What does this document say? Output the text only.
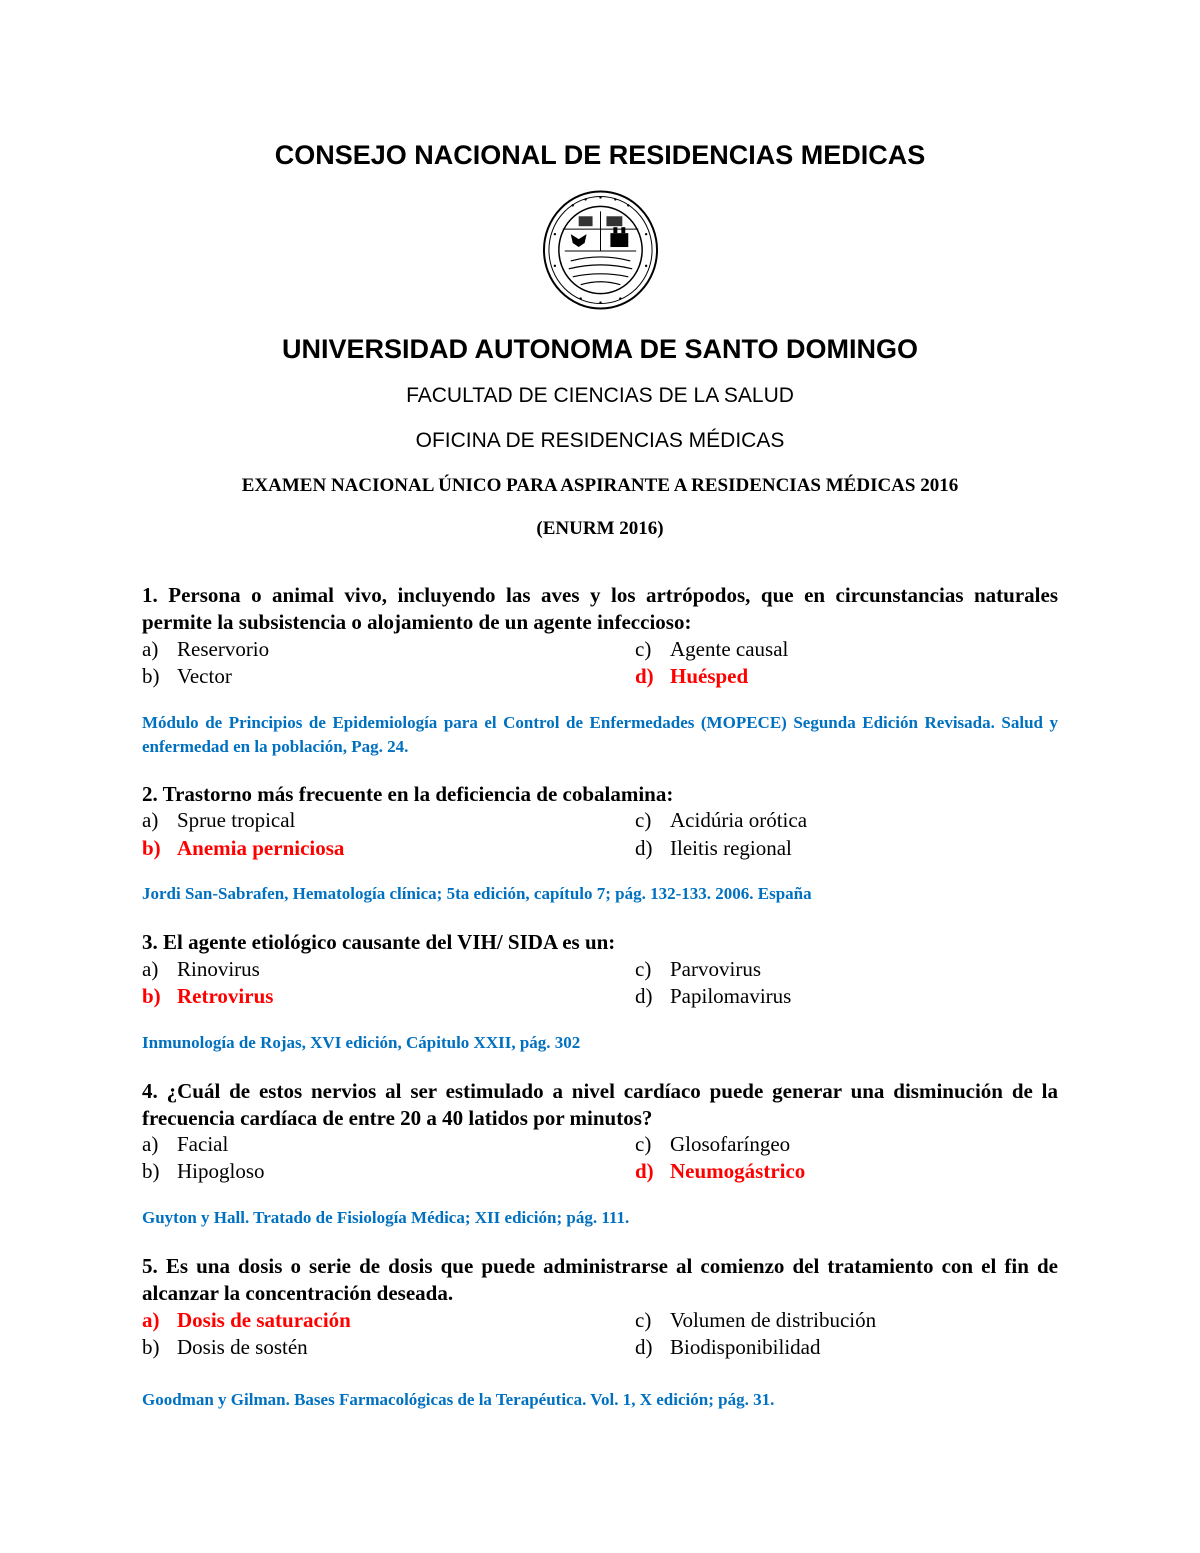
CONSEJO NACIONAL DE RESIDENCIAS MEDICAS
UNIVERSIDAD AUTONOMA DE SANTO DOMINGO
FACULTAD DE CIENCIAS DE LA SALUD
OFICINA DE RESIDENCIAS MÉDICAS
EXAMEN NACIONAL ÚNICO PARA ASPIRANTE A RESIDENCIAS MÉDICAS 2016
(ENURM 2016)
1. Persona o animal vivo, incluyendo las aves y los artrópodos, que en circunstancias naturales permite la subsistencia o alojamiento de un agente infeccioso:
a) Reservorio	c) Agente causal
b) Vector	d) Huésped
Módulo de Principios de Epidemiología para el Control de Enfermedades (MOPECE) Segunda Edición Revisada. Salud y enfermedad en la población, Pag. 24.
2. Trastorno más frecuente en la deficiencia de cobalamina:
a) Sprue tropical	c) Acidúria orótica
b) Anemia perniciosa	d) Ileitis regional
Jordi San-Sabrafen, Hematología clínica; 5ta edición, capítulo 7; pág. 132-133. 2006. España
3. El agente etiológico causante del VIH/ SIDA es un:
a) Rinovirus	c) Parvovirus
b) Retrovirus	d) Papilomavirus
Inmunología de Rojas, XVI edición, Cápitulo XXII, pág. 302
4. ¿Cuál de estos nervios al ser estimulado a nivel cardíaco puede generar una disminución de la frecuencia cardíaca de entre 20 a 40 latidos por minutos?
a) Facial	c) Glosofaríngeo
b) Hipogloso	d) Neumogástrico
Guyton y Hall. Tratado de Fisiología Médica; XII edición; pág. 111.
5. Es una dosis o serie de dosis que puede administrarse al comienzo del tratamiento con el fin de alcanzar la concentración deseada.
a) Dosis de saturación	c) Volumen de distribución
b) Dosis de sostén	d) Biodisponibilidad
Goodman y Gilman. Bases Farmacológicas de la Terapéutica. Vol. 1, X edición; pág. 31.
